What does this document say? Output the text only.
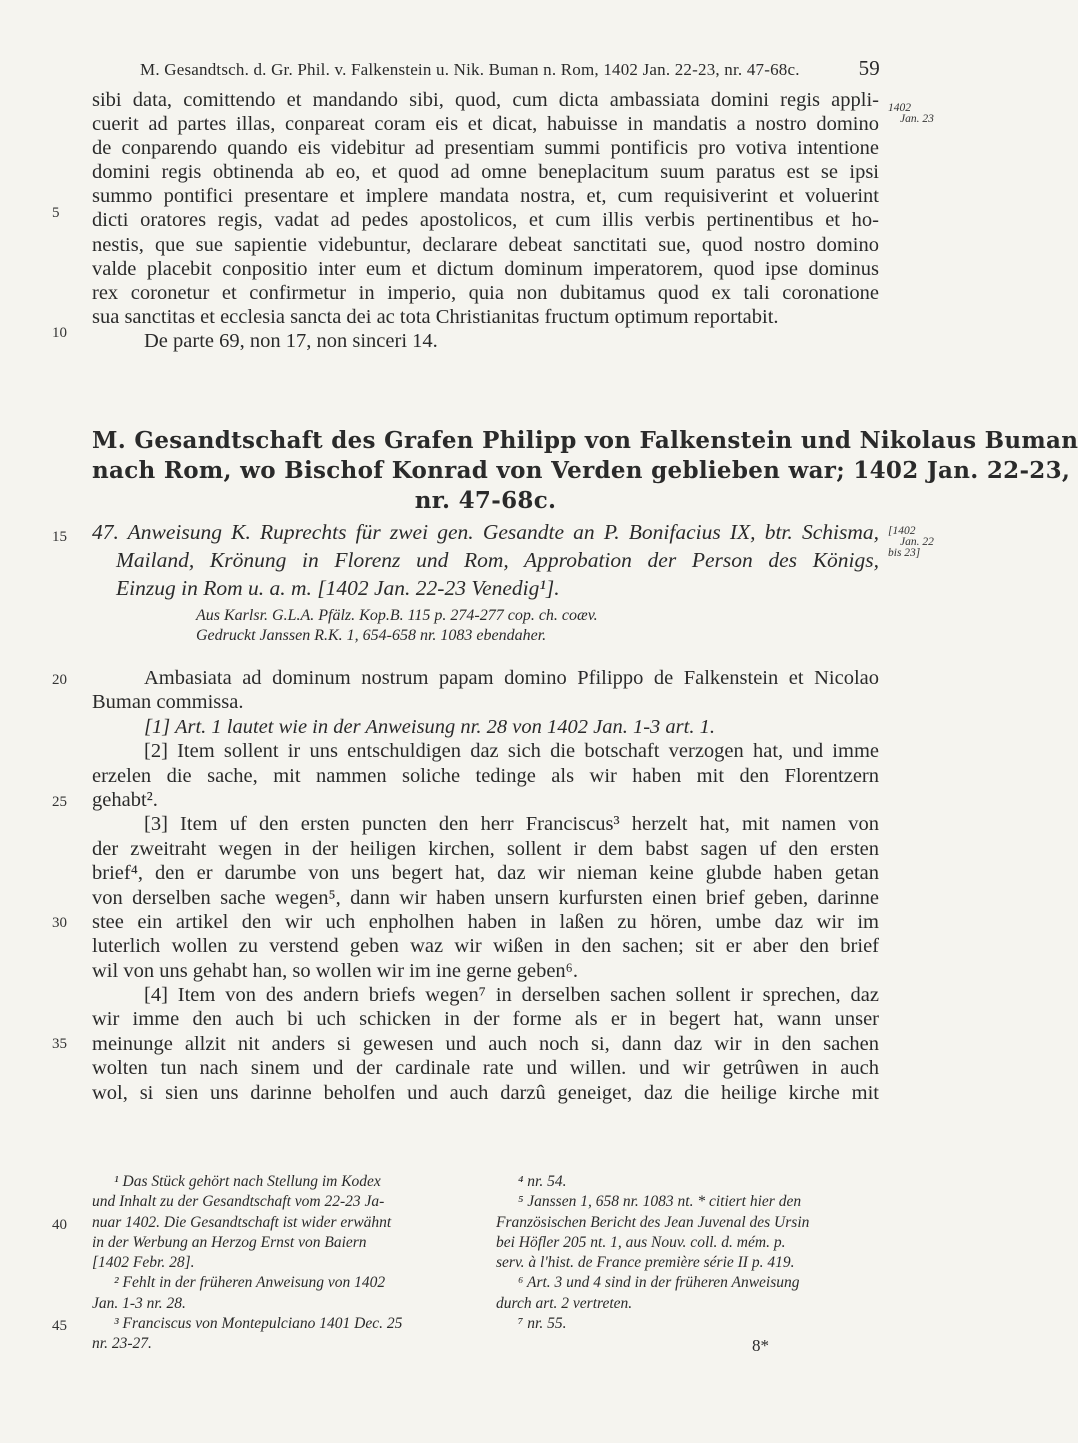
M. Gesandtsch. d. Gr. Phil. v. Falkenstein u. Nik. Buman n. Rom, 1402 Jan. 22-23, nr. 47-68c.	59
1402
Jan. 23
[1402
Jan. 22
bis 23]
5
10
15
20
25
30
35
40
45
sibi data, comittendo et mandando sibi, quod, cum dicta ambassiata domini regis appli-
cuerit ad partes illas, conpareat coram eis et dicat, habuisse in mandatis a nostro domino
de conparendo quando eis videbitur ad presentiam summi pontificis pro votiva intentione
domini regis obtinenda ab eo, et quod ad omne beneplacitum suum paratus est se ipsi
summo pontifici presentare et implere mandata nostra, et, cum requisiverint et voluerint
dicti oratores regis, vadat ad pedes apostolicos, et cum illis verbis pertinentibus et ho-
nestis, que sue sapientie videbuntur, declarare debeat sanctitati sue, quod nostro domino
valde placebit conpositio inter eum et dictum dominum imperatorem, quod ipse dominus
rex coronetur et confirmetur in imperio, quia non dubitamus quod ex tali coronatione
sua sanctitas et ecclesia sancta dei ac tota Christianitas fructum optimum reportabit.
De parte 69, non 17, non sinceri 14.
M. Gesandtschaft des Grafen Philipp von Falkenstein und Nikolaus Buman
nach Rom, wo Bischof Konrad von Verden geblieben war; 1402 Jan. 22-23,
nr. 47-68c.
47. Anweisung K. Ruprechts für zwei gen. Gesandte an P. Bonifacius IX, btr. Schisma,
Mailand, Krönung in Florenz und Rom, Approbation der Person des Königs,
Einzug in Rom u. a. m. [1402 Jan. 22-23 Venedig¹].
Aus Karlsr. G.L.A. Pfälz. Kop.B. 115 p. 274-277 cop. ch. coæv.
Gedruckt Janssen R.K. 1, 654-658 nr. 1083 ebendaher.
Ambasiata ad dominum nostrum papam domino Pfilippo de Falkenstein et Nicolao
Buman commissa.
[1] Art. 1 lautet wie in der Anweisung nr. 28 von 1402 Jan. 1-3 art. 1.
[2] Item sollent ir uns entschuldigen daz sich die botschaft verzogen hat, und imme
erzelen die sache, mit nammen soliche tedinge als wir haben mit den Florentzern
gehabt².
[3] Item uf den ersten puncten den herr Franciscus³ herzelt hat, mit namen von
der zweitraht wegen in der heiligen kirchen, sollent ir dem babst sagen uf den ersten
brief⁴, den er darumbe von uns begert hat, daz wir nieman keine glubde haben getan
von derselben sache wegen⁵, dann wir haben unsern kurfursten einen brief geben, darinne
stee ein artikel den wir uch enpholhen haben in laßen zu hören, umbe daz wir im
luterlich wollen zu verstend geben waz wir wißen in den sachen; sit er aber den brief
wil von uns gehabt han, so wollen wir im ine gerne geben⁶.
[4] Item von des andern briefs wegen⁷ in derselben sachen sollent ir sprechen, daz
wir imme den auch bi uch schicken in der forme als er in begert hat, wann unser
meinunge allzit nit anders si gewesen und auch noch si, dann daz wir in den sachen
wolten tun nach sinem und der cardinale rate und willen. und wir getrûwen in auch
wol, si sien uns darinne beholfen und auch darzû geneiget, daz die heilige kirche mit
¹ Das Stück gehört nach Stellung im Kodex
und Inhalt zu der Gesandtschaft vom 22-23 Ja-
nuar 1402. Die Gesandtschaft ist wider erwähnt
in der Werbung an Herzog Ernst von Baiern
[1402 Febr. 28].
² Fehlt in der früheren Anweisung von 1402
Jan. 1-3 nr. 28.
³ Franciscus von Montepulciano 1401 Dec. 25
nr. 23-27.
⁴ nr. 54.
⁵ Janssen 1, 658 nr. 1083 nt. * citiert hier den
Französischen Bericht des Jean Juvenal des Ursin
bei Höfler 205 nt. 1, aus Nouv. coll. d. mém. p.
serv. à l'hist. de France première série II p. 419.
⁶ Art. 3 und 4 sind in der früheren Anweisung
durch art. 2 vertreten.
⁷ nr. 55.
8*
